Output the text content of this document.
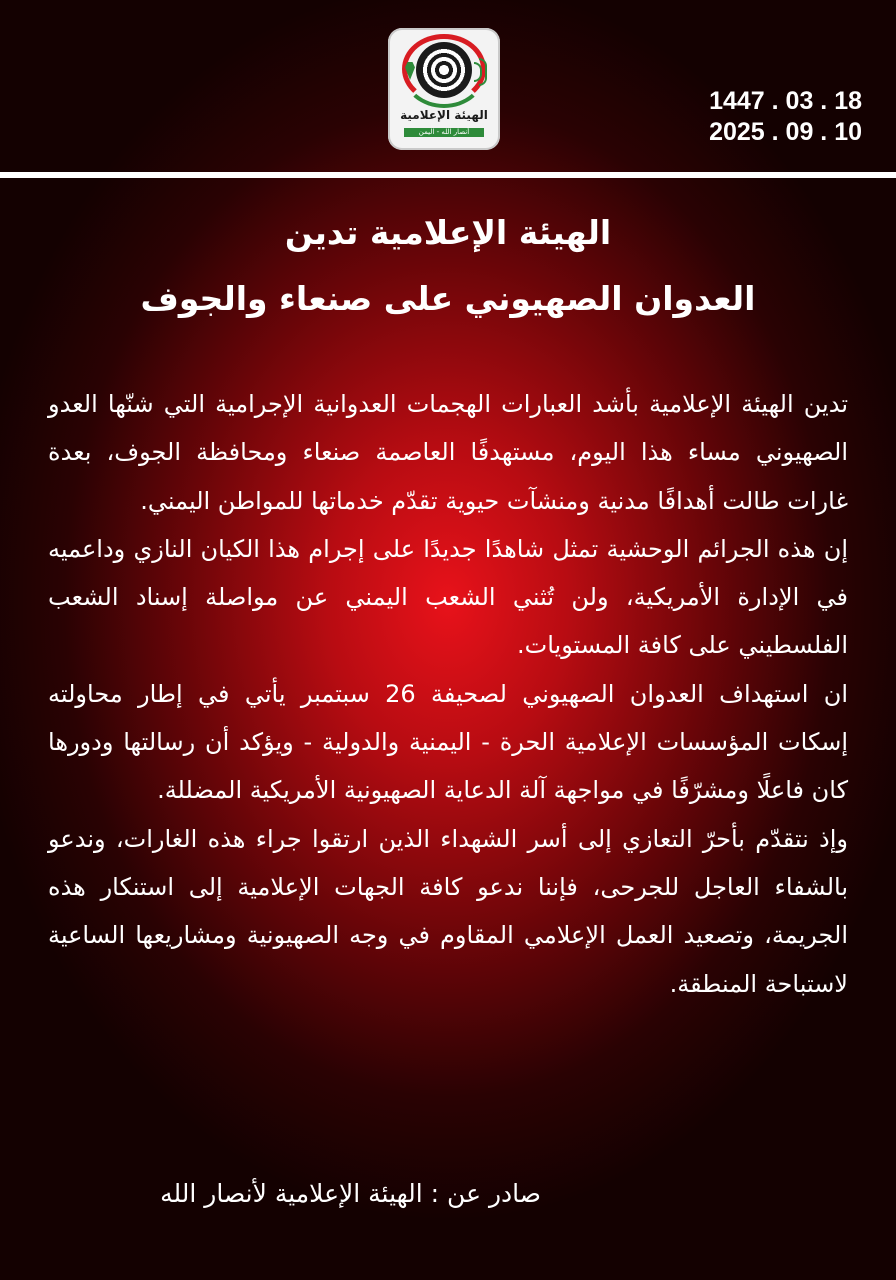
الهيئة الإعلامية
أنصار الله - اليمن
1447 . 03 . 18
2025 . 09 . 10
الهيئة الإعلامية تدين
العدوان الصهيوني على صنعاء والجوف

تدين الهيئة الإعلامية بأشد العبارات الهجمات العدوانية الإجرامية التي شنّها العدو الصهيوني مساء هذا اليوم، مستهدفًا العاصمة صنعاء ومحافظة الجوف، بعدة غارات طالت أهدافًا مدنية ومنشآت حيوية تقدّم خدماتها للمواطن اليمني.

إن هذه الجرائم الوحشية تمثل شاهدًا جديدًا على إجرام هذا الكيان النازي وداعميه في الإدارة الأمريكية، ولن تُثني الشعب اليمني عن مواصلة إسناد الشعب الفلسطيني على كافة المستويات.

ان استهداف العدوان الصهيوني لصحيفة 26 سبتمبر يأتي في إطار محاولته إسكات المؤسسات الإعلامية الحرة - اليمنية والدولية - ويؤكد أن رسالتها ودورها كان فاعلًا ومشرّفًا في مواجهة آلة الدعاية الصهيونية الأمريكية المضللة.

وإذ نتقدّم بأحرّ التعازي إلى أسر الشهداء الذين ارتقوا جراء هذه الغارات، وندعو بالشفاء العاجل للجرحى، فإننا ندعو كافة الجهات الإعلامية إلى استنكار هذه الجريمة، وتصعيد العمل الإعلامي المقاوم في وجه الصهيونية ومشاريعها الساعية لاستباحة المنطقة.

صادر عن : الهيئة الإعلامية لأنصار الله
